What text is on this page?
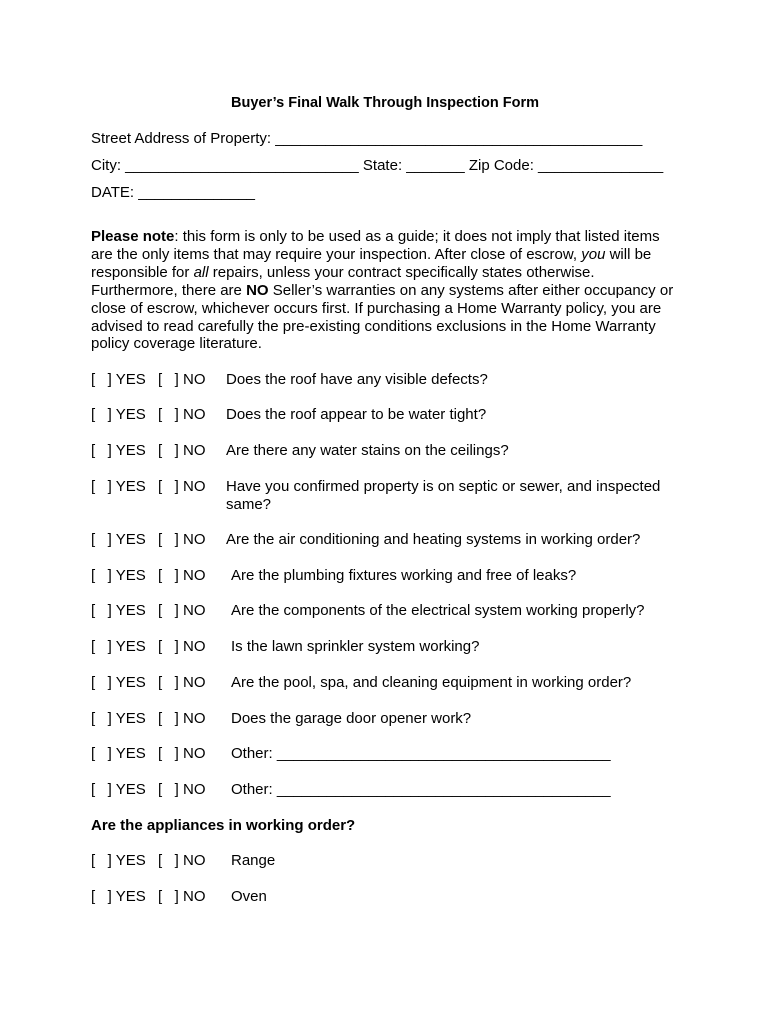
Buyer’s Final Walk Through Inspection Form
Street Address of Property: ____________________________________________
City: ____________________________ State: _______ Zip Code: _______________
DATE: ______________

Please note: this form is only to be used as a guide; it does not imply that listed items

are the only items that may require your inspection. After close of escrow, you will be

responsible for all repairs, unless your contract specifically states otherwise.

Furthermore, there are NO Seller’s warranties on any systems after either occupancy or

close of escrow, whichever occurs first. If purchasing a Home Warranty policy, you are

advised to read carefully the pre-existing conditions exclusions in the Home Warranty

policy coverage literature.

[   ] YES [   ] NO Does the roof have any visible defects?
[   ] YES [   ] NO Does the roof appear to be water tight?
[   ] YES [   ] NO Are there any water stains on the ceilings?
[   ] YES [   ] NO Have you confirmed property is on septic or sewer, and inspected
same?
[   ] YES [   ] NO Are the air conditioning and heating systems in working order?
[   ] YES [   ] NO Are the plumbing fixtures working and free of leaks?
[   ] YES [   ] NO Are the components of the electrical system working properly?
[   ] YES [   ] NO Is the lawn sprinkler system working?
[   ] YES [   ] NO Are the pool, spa, and cleaning equipment in working order?
[   ] YES [   ] NO Does the garage door opener work?
[   ] YES [   ] NO Other: ________________________________________
[   ] YES [   ] NO Other: ________________________________________
Are the appliances in working order?
[   ] YES [   ] NO Range
[   ] YES [   ] NO Oven
